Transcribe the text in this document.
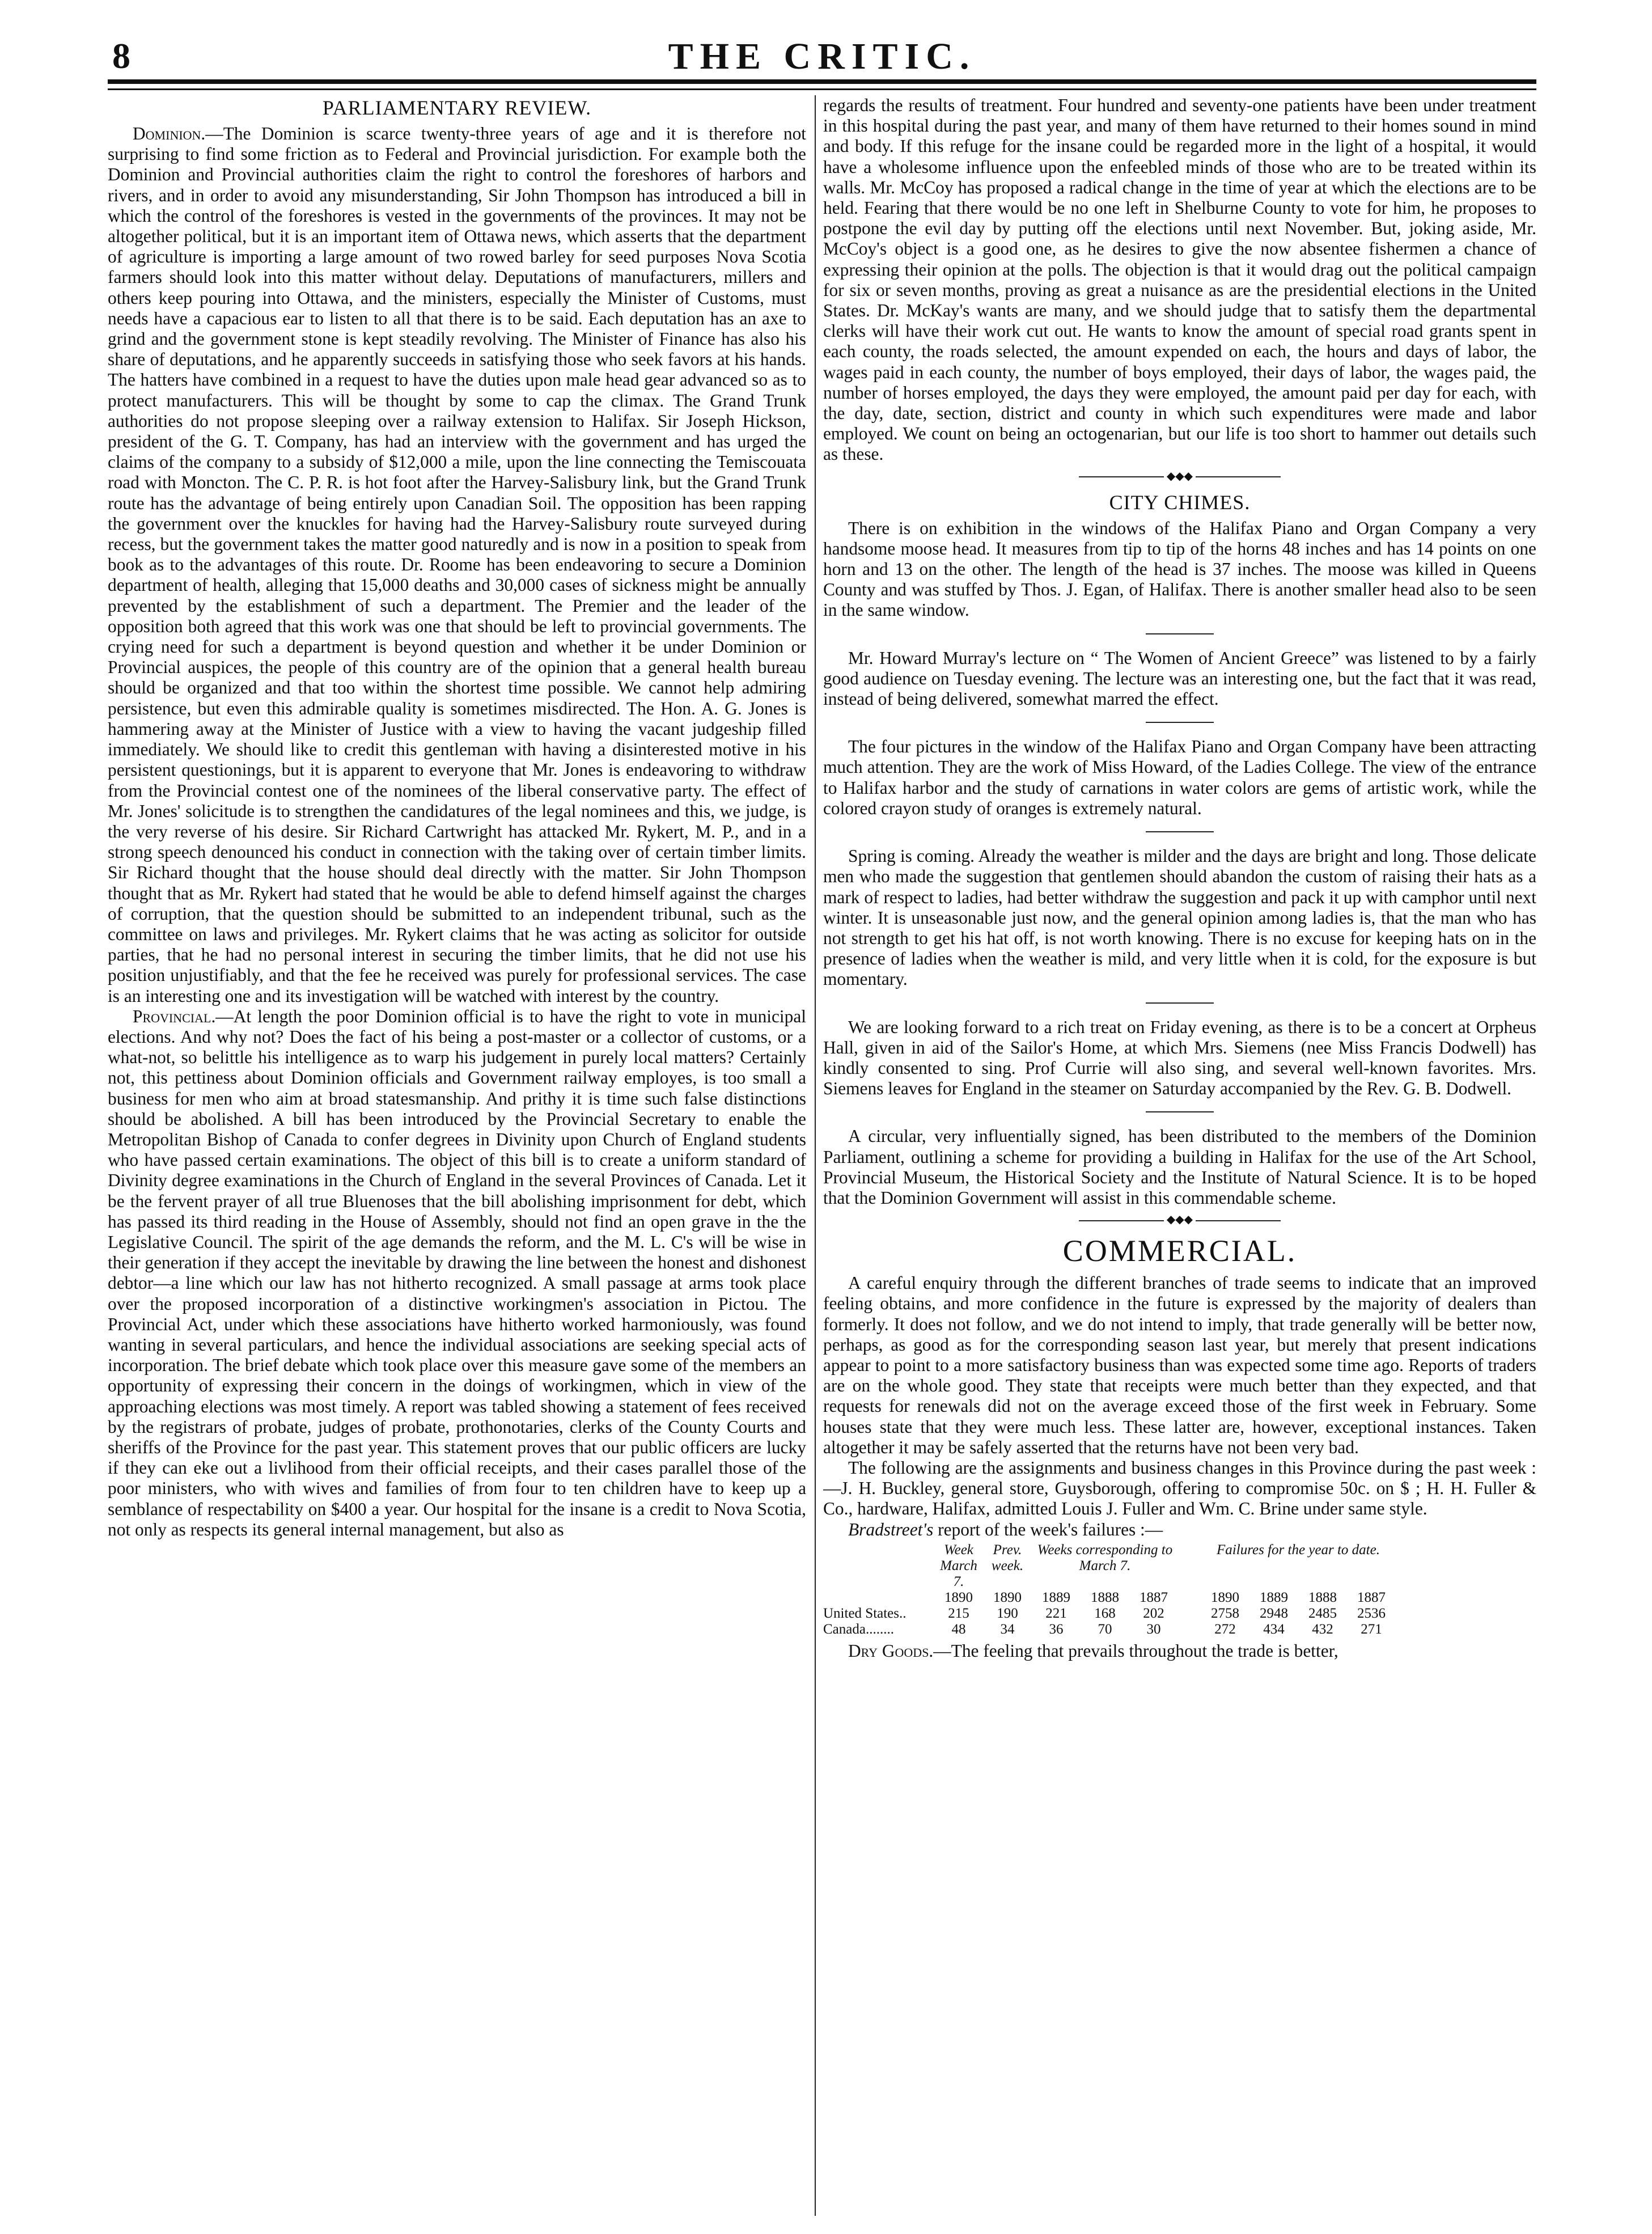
8	THE CRITIC.
PARLIAMENTARY REVIEW.

Dominion.—The Dominion is scarce twenty-three years of age and it is therefore not surprising to find some friction as to Federal and Provincial jurisdiction. For example both the Dominion and Provincial authorities claim the right to control the foreshores of harbors and rivers, and in order to avoid any misunderstanding, Sir John Thompson has introduced a bill in which the control of the foreshores is vested in the governments of the provinces. It may not be altogether political, but it is an important item of Ottawa news, which asserts that the department of agriculture is importing a large amount of two rowed barley for seed purposes Nova Scotia farmers should look into this matter without delay. Deputations of manufacturers, millers and others keep pouring into Ottawa, and the ministers, especially the Minister of Customs, must needs have a capacious ear to listen to all that there is to be said. Each deputation has an axe to grind and the government stone is kept steadily revolving. The Minister of Finance has also his share of deputations, and he apparently succeeds in satisfying those who seek favors at his hands. The hatters have combined in a request to have the duties upon male head gear advanced so as to protect manufacturers. This will be thought by some to cap the climax. The Grand Trunk authorities do not propose sleeping over a railway extension to Halifax. Sir Joseph Hickson, president of the G. T. Company, has had an interview with the government and has urged the claims of the company to a subsidy of $12,000 a mile, upon the line connecting the Temiscouata road with Moncton. The C. P. R. is hot foot after the Harvey-Salisbury link, but the Grand Trunk route has the advantage of being entirely upon Canadian Soil. The opposition has been rapping the government over the knuckles for having had the Harvey-Salisbury route surveyed during recess, but the government takes the matter good naturedly and is now in a position to speak from book as to the advantages of this route. Dr. Roome has been endeavoring to secure a Dominion department of health, alleging that 15,000 deaths and 30,000 cases of sickness might be annually prevented by the establishment of such a department. The Premier and the leader of the opposition both agreed that this work was one that should be left to provincial governments. The crying need for such a department is beyond question and whether it be under Dominion or Provincial auspices, the people of this country are of the opinion that a general health bureau should be organized and that too within the shortest time possible. We cannot help admiring persistence, but even this admirable quality is sometimes misdirected. The Hon. A. G. Jones is hammering away at the Minister of Justice with a view to having the vacant judgeship filled immediately. We should like to credit this gentleman with having a disinterested motive in his persistent questionings, but it is apparent to everyone that Mr. Jones is endeavoring to withdraw from the Provincial contest one of the nominees of the liberal conservative party. The effect of Mr. Jones' solicitude is to strengthen the candidatures of the legal nominees and this, we judge, is the very reverse of his desire. Sir Richard Cartwright has attacked Mr. Rykert, M. P., and in a strong speech denounced his conduct in connection with the taking over of certain timber limits. Sir Richard thought that the house should deal directly with the matter. Sir John Thompson thought that as Mr. Rykert had stated that he would be able to defend himself against the charges of corruption, that the question should be submitted to an independent tribunal, such as the committee on laws and privileges. Mr. Rykert claims that he was acting as solicitor for outside parties, that he had no personal interest in securing the timber limits, that he did not use his position unjustifiably, and that the fee he received was purely for professional services. The case is an interesting one and its investigation will be watched with interest by the country.

Provincial.—At length the poor Dominion official is to have the right to vote in municipal elections. And why not? Does the fact of his being a post-master or a collector of customs, or a what-not, so belittle his intelligence as to warp his judgement in purely local matters? Certainly not, this pettiness about Dominion officials and Government railway employes, is too small a business for men who aim at broad statesmanship. And prithy it is time such false distinctions should be abolished. A bill has been introduced by the Provincial Secretary to enable the Metropolitan Bishop of Canada to confer degrees in Divinity upon Church of England students who have passed certain examinations. The object of this bill is to create a uniform standard of Divinity degree examinations in the Church of England in the several Provinces of Canada. Let it be the fervent prayer of all true Bluenoses that the bill abolishing imprisonment for debt, which has passed its third reading in the House of Assembly, should not find an open grave in the the Legislative Council. The spirit of the age demands the reform, and the M. L. C's will be wise in their generation if they accept the inevitable by drawing the line between the honest and dishonest debtor—a line which our law has not hitherto recognized. A small passage at arms took place over the proposed incorporation of a distinctive workingmen's association in Pictou. The Provincial Act, under which these associations have hitherto worked harmoniously, was found wanting in several particulars, and hence the individual associations are seeking special acts of incorporation. The brief debate which took place over this measure gave some of the members an opportunity of expressing their concern in the doings of workingmen, which in view of the approaching elections was most timely. A report was tabled showing a statement of fees received by the registrars of probate, judges of probate, prothonotaries, clerks of the County Courts and sheriffs of the Province for the past year. This statement proves that our public officers are lucky if they can eke out a livlihood from their official receipts, and their cases parallel those of the poor ministers, who with wives and families of from four to ten children have to keep up a semblance of respectability on $400 a year. Our hospital for the insane is a credit to Nova Scotia, not only as respects its general internal management, but also as

regards the results of treatment. Four hundred and seventy-one patients have been under treatment in this hospital during the past year, and many of them have returned to their homes sound in mind and body. If this refuge for the insane could be regarded more in the light of a hospital, it would have a wholesome influence upon the enfeebled minds of those who are to be treated within its walls. Mr. McCoy has proposed a radical change in the time of year at which the elections are to be held. Fearing that there would be no one left in Shelburne County to vote for him, he proposes to postpone the evil day by putting off the elections until next November. But, joking aside, Mr. McCoy's object is a good one, as he desires to give the now absentee fishermen a chance of expressing their opinion at the polls. The objection is that it would drag out the political campaign for six or seven months, proving as great a nuisance as are the presidential elections in the United States. Dr. McKay's wants are many, and we should judge that to satisfy them the departmental clerks will have their work cut out. He wants to know the amount of special road grants spent in each county, the roads selected, the amount expended on each, the hours and days of labor, the wages paid in each county, the number of boys employed, their days of labor, the wages paid, the number of horses employed, the days they were employed, the amount paid per day for each, with the day, date, section, district and county in which such expenditures were made and labor employed. We count on being an octogenarian, but our life is too short to hammer out details such as these.

◆◆◆
CITY CHIMES.

There is on exhibition in the windows of the Halifax Piano and Organ Company a very handsome moose head. It measures from tip to tip of the horns 48 inches and has 14 points on one horn and 13 on the other. The length of the head is 37 inches. The moose was killed in Queens County and was stuffed by Thos. J. Egan, of Halifax. There is another smaller head also to be seen in the same window.

Mr. Howard Murray's lecture on “ The Women of Ancient Greece” was listened to by a fairly good audience on Tuesday evening. The lecture was an interesting one, but the fact that it was read, instead of being delivered, somewhat marred the effect.

The four pictures in the window of the Halifax Piano and Organ Company have been attracting much attention. They are the work of Miss Howard, of the Ladies College. The view of the entrance to Halifax harbor and the study of carnations in water colors are gems of artistic work, while the colored crayon study of oranges is extremely natural.

Spring is coming. Already the weather is milder and the days are bright and long. Those delicate men who made the suggestion that gentlemen should abandon the custom of raising their hats as a mark of respect to ladies, had better withdraw the suggestion and pack it up with camphor until next winter. It is unseasonable just now, and the general opinion among ladies is, that the man who has not strength to get his hat off, is not worth knowing. There is no excuse for keeping hats on in the presence of ladies when the weather is mild, and very little when it is cold, for the exposure is but momentary.

We are looking forward to a rich treat on Friday evening, as there is to be a concert at Orpheus Hall, given in aid of the Sailor's Home, at which Mrs. Siemens (nee Miss Francis Dodwell) has kindly consented to sing. Prof Currie will also sing, and several well-known favorites. Mrs. Siemens leaves for England in the steamer on Saturday accompanied by the Rev. G. B. Dodwell.

A circular, very influentially signed, has been distributed to the members of the Dominion Parliament, outlining a scheme for providing a building in Halifax for the use of the Art School, Provincial Museum, the Historical Society and the Institute of Natural Science. It is to be hoped that the Dominion Government will assist in this commendable scheme.

◆◆◆
COMMERCIAL.

A careful enquiry through the different branches of trade seems to indicate that an improved feeling obtains, and more confidence in the future is expressed by the majority of dealers than formerly. It does not follow, and we do not intend to imply, that trade generally will be better now, perhaps, as good as for the corresponding season last year, but merely that present indications appear to point to a more satisfactory business than was expected some time ago. Reports of traders are on the whole good. They state that receipts were much better than they expected, and that requests for renewals did not on the average exceed those of the first week in February. Some houses state that they were much less. These latter are, however, exceptional instances. Taken altogether it may be safely asserted that the returns have not been very bad.

The following are the assignments and business changes in this Province during the past week :—J. H. Buckley, general store, Guysborough, offering to compromise 50c. on $ ; H. H. Fuller & Co., hardware, Halifax, admitted Louis J. Fuller and Wm. C. Brine under same style.

Bradstreet's report of the week's failures :—

Week	Prev.	Weeks corresponding to	Failures for the year to date.
March 7.
week.	March 7.
1890	1890	1889	1888	1887	1890	1889	1888	1887
United States..	215	190	221	168	202	2758	2948	2485	2536
Canada........	48	34	36	70	30	272	434	432	271

Dry Goods.—The feeling that prevails throughout the trade is better,
